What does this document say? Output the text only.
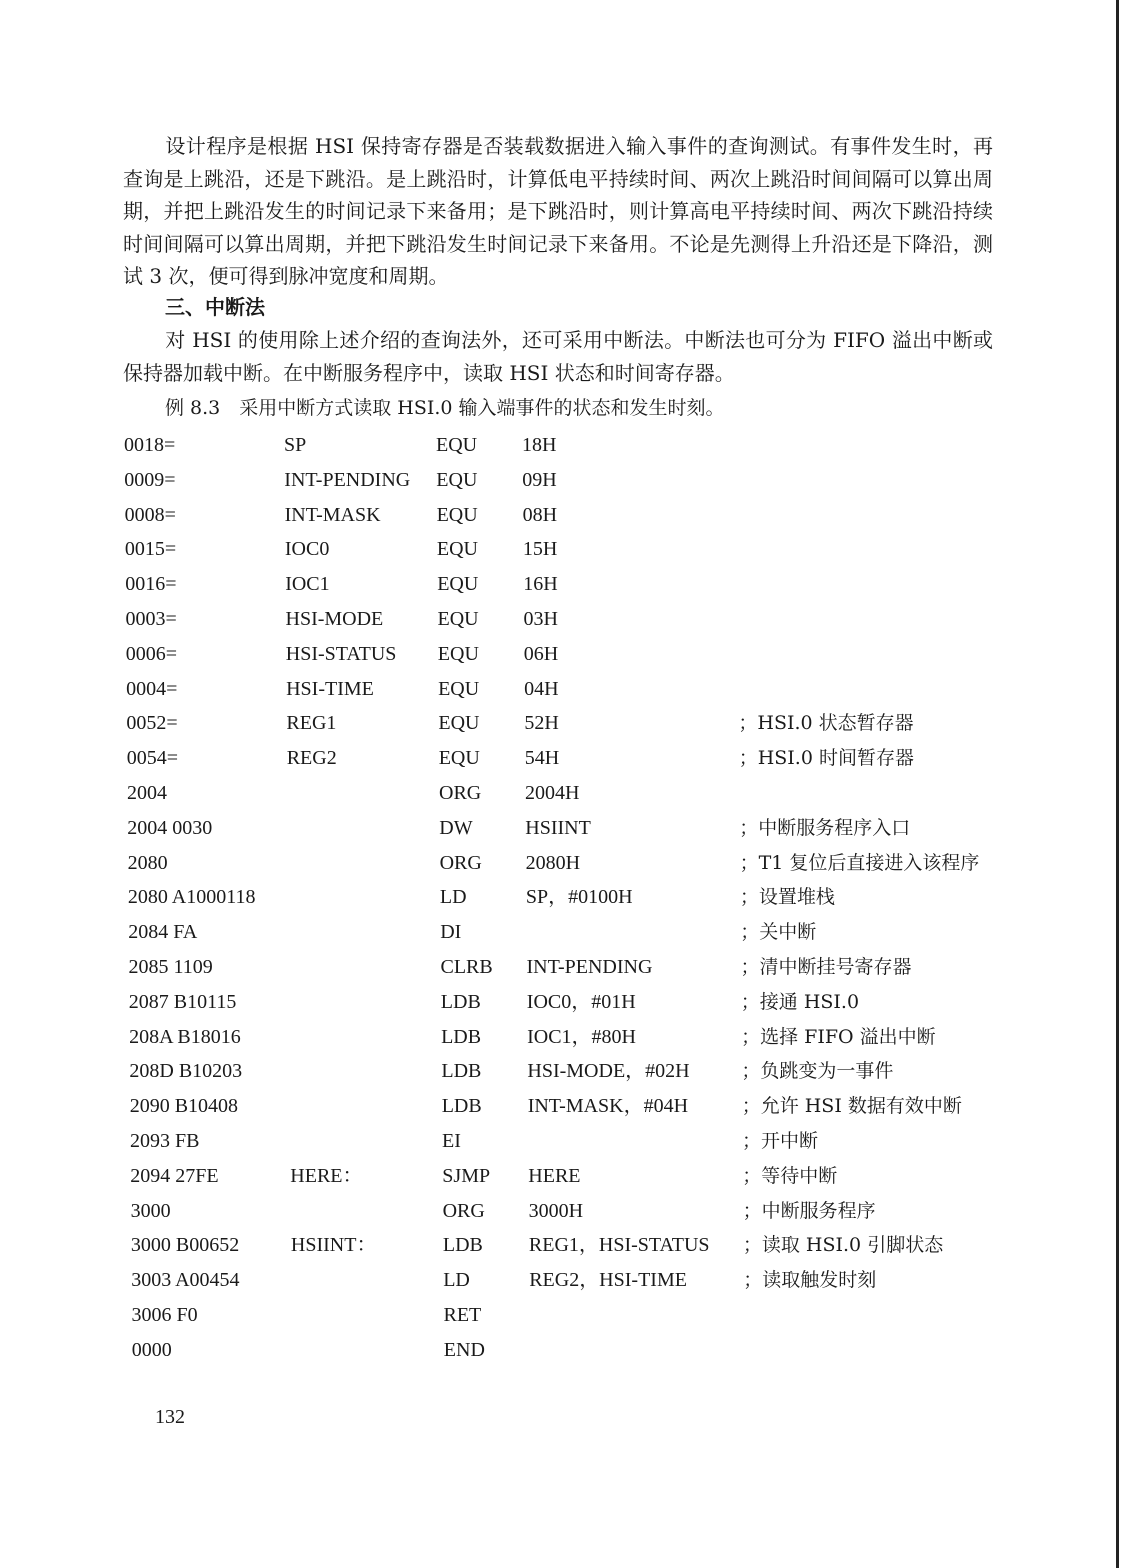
设计程序是根据 HSI 保持寄存器是否装载数据进入输入事件的查询测试。有事件发生时，再查询是上跳沿，还是下跳沿。是上跳沿时，计算低电平持续时间、两次上跳沿时间间隔可以算出周期，并把上跳沿发生的时间记录下来备用；是下跳沿时，则计算高电平持续时间、两次下跳沿持续时间间隔可以算出周期，并把下跳沿发生时间记录下来备用。不论是先测得上升沿还是下降沿，测试 3 次，便可得到脉冲宽度和周期。

三、中断法

对 HSI 的使用除上述介绍的查询法外，还可采用中断法。中断法也可分为 FIFO 溢出中断或保持器加载中断。在中断服务程序中，读取 HSI 状态和时间寄存器。

例 8.3　采用中断方式读取 HSI.0 输入端事件的状态和发生时刻。
0018=	SP	EQU 18H
0009=	INT-PENDING EQU 09H
0008=	INT-MASK	EQU 08H
0015=	IOC0	EQU 15H
0016=	IOC1	EQU 16H
0003=	HSI-MODE	EQU 03H
0006=	HSI-STATUS EQU 06H
0004=	HSI-TIME	EQU 04H
0052=	REG1	EQU 52H	；HSI.0 状态暂存器
0054=	REG2	EQU 54H	；HSI.0 时间暂存器
2004	ORG 2004H
2004 0030	DW	HSIINT	；中断服务程序入口
2080	ORG 2080H	；T1 复位后直接进入该程序
2080 A1000118	LD	SP，#0100H	；设置堆栈
2084 FA	DI	；关中断
2085 1109	CLRB INT-PENDING	；清中断挂号寄存器
2087 B10115	LDB IOC0，#01H	；接通 HSI.0
208A B18016	LDB IOC1，#80H	；选择 FIFO 溢出中断
208D B10203	LDB HSI-MODE，#02H	；负跳变为一事件
2090 B10408	LDB INT-MASK，#04H	；允许 HSI 数据有效中断
2093 FB	EI	；开中断
2094 27FE	HERE：	SJMP HERE	；等待中断
3000	ORG 3000H	；中断服务程序
3000 B00652	HSIINT：	LDB REG1，HSI-STATUS ；读取 HSI.0 引脚状态
3003 A00454	LD	REG2，HSI-TIME	；读取触发时刻
3006 F0	RET
0000	END
132
